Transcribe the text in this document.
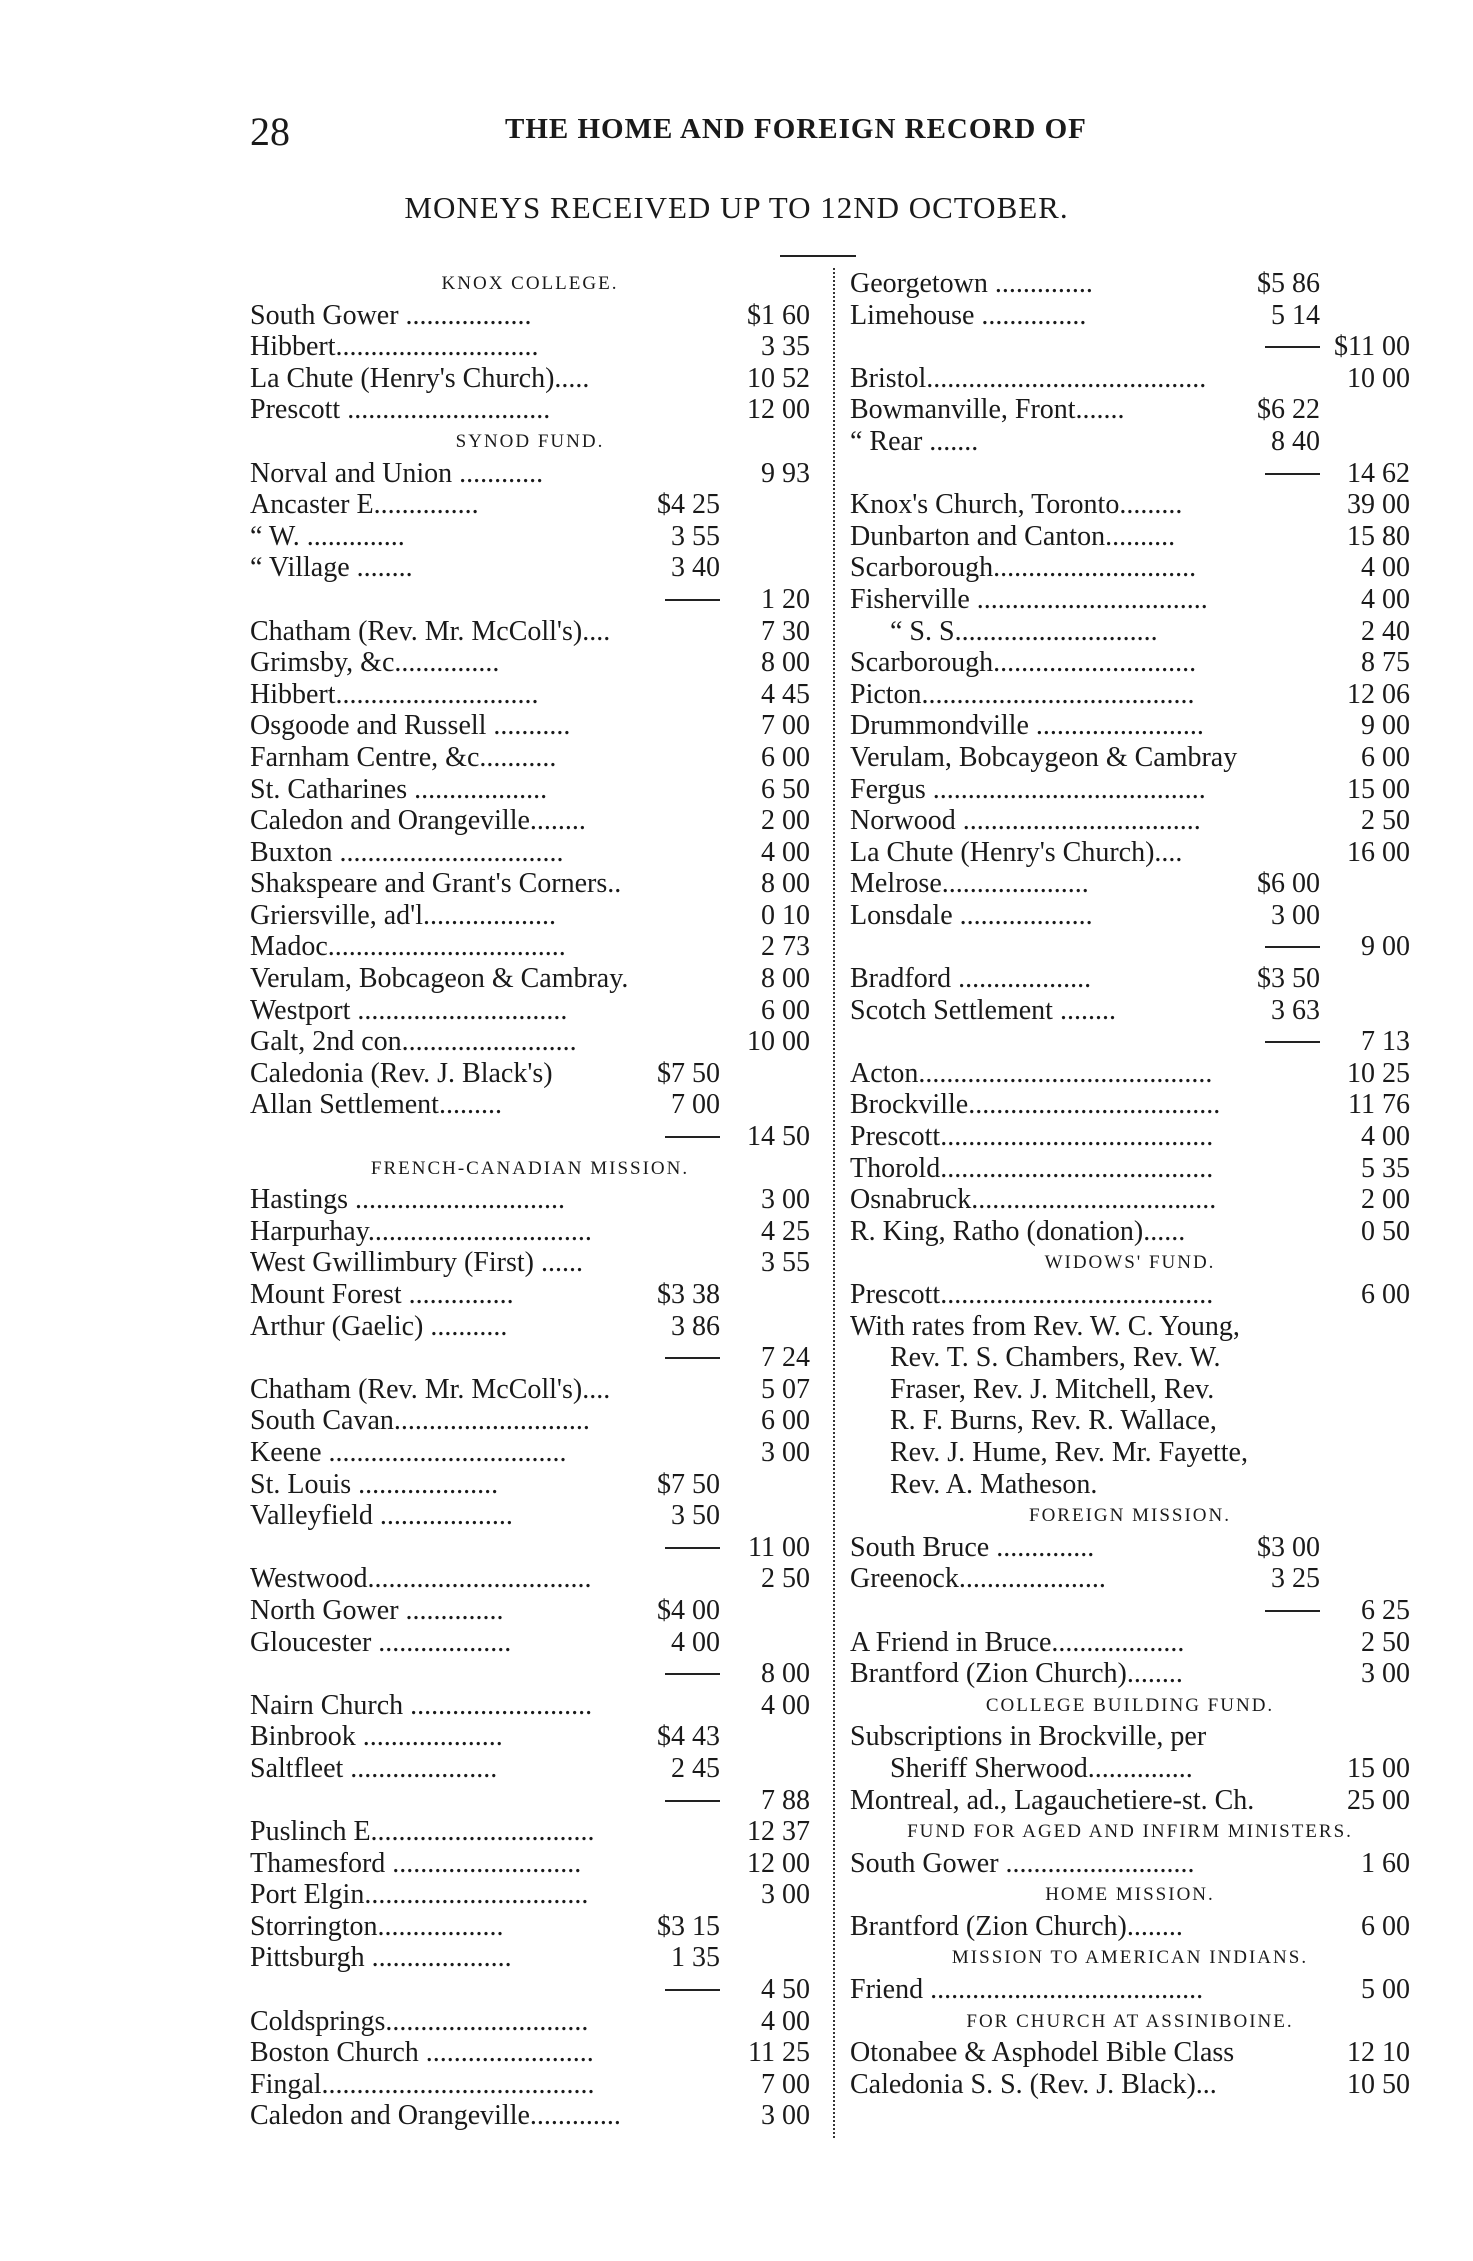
28	THE HOME AND FOREIGN RECORD OF
MONEYS RECEIVED UP TO 12ND OCTOBER.
KNOX COLLEGE.
South Gower ..................	$1 60
Hibbert.............................	3 35
La Chute (Henry's Church).....	10 52
Prescott .............................	12 00
SYNOD FUND.
Norval and Union ............	9 93
Ancaster E...............	$4 25
“ W. ..............	3 55
“ Village ........	3 40
1 20
Chatham (Rev. Mr. McColl's)....	7 30
Grimsby, &c...............	8 00
Hibbert.............................	4 45
Osgoode and Russell ...........	7 00
Farnham Centre, &c...........	6 00
St. Catharines ...................	6 50
Caledon and Orangeville........	2 00
Buxton ................................	4 00
Shakspeare and Grant's Corners..	8 00
Griersville, ad'l...................	0 10
Madoc..................................	2 73
Verulam, Bobcageon & Cambray.	8 00
Westport ..............................	6 00
Galt, 2nd con.........................	10 00
Caledonia (Rev. J. Black's)	$7 50
Allan Settlement.........	7 00
14 50
FRENCH-CANADIAN MISSION.
Hastings ..............................	3 00
Harpurhay................................	4 25
West Gwillimbury (First) ......	3 55
Mount Forest ...............	$3 38
Arthur (Gaelic) ...........	3 86
7 24
Chatham (Rev. Mr. McColl's)....	5 07
South Cavan............................	6 00
Keene ..................................	3 00
St. Louis ....................	$7 50
Valleyfield ...................	3 50
11 00
Westwood................................	2 50
North Gower ..............	$4 00
Gloucester ...................	4 00
8 00
Nairn Church ..........................	4 00
Binbrook ....................	$4 43
Saltfleet .....................	2 45
7 88
Puslinch E................................	12 37
Thamesford ...........................	12 00
Port Elgin................................	3 00
Storrington..................	$3 15
Pittsburgh ....................	1 35
4 50
Coldsprings.............................	4 00
Boston Church ........................	11 25
Fingal.......................................	7 00
Caledon and Orangeville.............	3 00
Georgetown ..............	$5 86
Limehouse ...............	5 14
$11 00
Bristol........................................	10 00
Bowmanville, Front.......	$6 22
“ Rear .......	8 40
14 62
Knox's Church, Toronto.........	39 00
Dunbarton and Canton..........	15 80
Scarborough.............................	4 00
Fisherville .................................	4 00
“ S. S.............................	2 40
Scarborough.............................	8 75
Picton.......................................	12 06
Drummondville ........................	9 00
Verulam, Bobcaygeon & Cambray	6 00
Fergus .......................................	15 00
Norwood ..................................	2 50
La Chute (Henry's Church)....	16 00
Melrose.....................	$6 00
Lonsdale ...................	3 00
9 00
Bradford ...................	$3 50
Scotch Settlement ........	3 63
7 13
Acton..........................................	10 25
Brockville....................................	11 76
Prescott.......................................	4 00
Thorold.......................................	5 35
Osnabruck...................................	2 00
R. King, Ratho (donation)......	0 50
WIDOWS' FUND.
Prescott.......................................	6 00
With rates from Rev. W. C. Young,
Rev. T. S. Chambers, Rev. W.
Fraser, Rev. J. Mitchell, Rev.
R. F. Burns, Rev. R. Wallace,
Rev. J. Hume, Rev. Mr. Fayette,
Rev. A. Matheson.
FOREIGN MISSION.
South Bruce ..............	$3 00
Greenock.....................	3 25
6 25
A Friend in Bruce...................	2 50
Brantford (Zion Church)........	3 00
COLLEGE BUILDING FUND.
Subscriptions in Brockville, per
Sheriff Sherwood...............	15 00
Montreal, ad., Lagauchetiere-st. Ch.	25 00
FUND FOR AGED AND INFIRM MINISTERS.
South Gower ...........................	1 60
HOME MISSION.
Brantford (Zion Church)........	6 00
MISSION TO AMERICAN INDIANS.
Friend .......................................	5 00
FOR CHURCH AT ASSINIBOINE.
Otonabee & Asphodel Bible Class	12 10
Caledonia S. S. (Rev. J. Black)...	10 50
